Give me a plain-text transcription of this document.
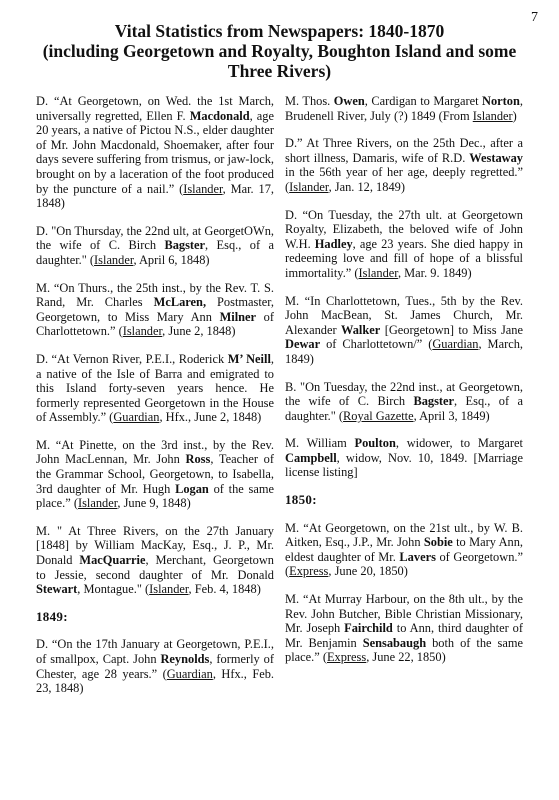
7
Vital Statistics from Newspapers: 1840-1870
(including Georgetown and Royalty, Boughton Island and some
Three Rivers)
D. “At Georgetown, on Wed. the 1st March, universally regretted, Ellen F. Macdonald, age 20 years, a native of Pictou N.S., elder daughter of Mr. John Macdonald, Shoemaker, after four days severe suffering from trismus, or jaw-lock, brought on by a laceration of the foot produced by the puncture of a nail.” (Islander, Mar. 17, 1848)
D. "On Thursday, the 22nd ult, at GeorgetOWn, the wife of C. Birch Bagster, Esq., of a daughter." (Islander, April 6, 1848)
M. “On Thurs., the 25th inst., by the Rev. T. S. Rand, Mr. Charles McLaren, Postmaster, Georgetown, to Miss Mary Ann Milner of Charlottetown.” (Islander, June 2, 1848)
D. “At Vernon River, P.E.I., Roderick M’ Neill, a native of the Isle of Barra and emigrated to this Island forty-seven years hence. He formerly represented Georgetown in the House of Assembly.” (Guardian, Hfx., June 2, 1848)
M. “At Pinette, on the 3rd inst., by the Rev. John MacLennan, Mr. John Ross, Teacher of the Grammar School, Georgetown, to Isabella, 3rd daughter of Mr. Hugh Logan of the same place.” (Islander, June 9, 1848)
M. " At Three Rivers, on the 27th January [1848] by William MacKay, Esq., J. P., Mr. Donald MacQuarrie, Merchant, Georgetown to Jessie, second daughter of Mr. Donald Stewart, Montague." (Islander, Feb. 4, 1848)
1849:
D. “On the 17th January at Georgetown, P.E.I., of smallpox, Capt. John Reynolds, formerly of Chester, age 28 years.” (Guardian, Hfx., Feb. 23, 1848)
M. Thos. Owen, Cardigan to Margaret Norton, Brudenell River, July (?) 1849 (From Islander)
D.” At Three Rivers, on the 25th Dec., after a short illness, Damaris, wife of R.D. Westaway in the 56th year of her age, deeply regretted.” (Islander, Jan. 12, 1849)
D. “On Tuesday, the 27th ult. at Georgetown Royalty, Elizabeth, the beloved wife of John W.H. Hadley, age 23 years. She died happy in redeeming love and fill of hope of a blissful immortality.” (Islander, Mar. 9. 1849)
M. “In Charlottetown, Tues., 5th by the Rev. John MacBean, St. James Church, Mr. Alexander Walker [Georgetown] to Miss Jane Dewar of Charlottetown/” (Guardian, March, 1849)
B. "On Tuesday, the 22nd inst., at Georgetown, the wife of C. Birch Bagster, Esq., of a daughter." (Royal Gazette, April 3, 1849)
M. William Poulton, widower, to Margaret Campbell, widow, Nov. 10, 1849. [Marriage license listing]
1850:
M. “At Georgetown, on the 21st ult., by W. B. Aitken, Esq., J.P., Mr. John Sobie to Mary Ann, eldest daughter of Mr. Lavers of Georgetown.” (Express, June 20, 1850)
M. “At Murray Harbour, on the 8th ult., by the Rev. John Butcher, Bible Christian Missionary, Mr. Joseph Fairchild to Ann, third daughter of Mr. Benjamin Sensabaugh both of the same place.” (Express, June 22, 1850)
